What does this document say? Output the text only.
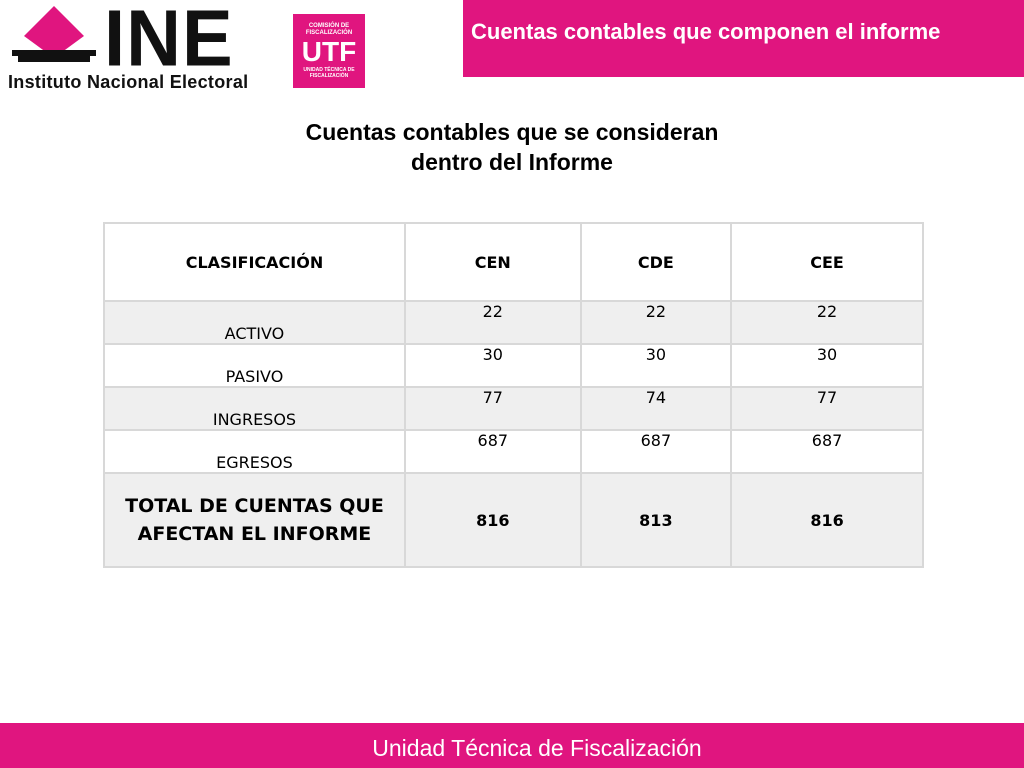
INE
Instituto Nacional Electoral
COMISIÓN DE FISCALIZACIÓN
UTF
UNIDAD TÉCNICA DE FISCALIZACIÓN
Cuentas contables que componen el informe
Cuentas contables que se consideran
dentro del Informe
CLASIFICACIÓN	CEN	CDE	CEE
ACTIVO	22	22	22
PASIVO	30	30	30
INGRESOS	77	74	77
EGRESOS	687	687	687

TOTAL DE CUENTAS QUE
AFECTAN EL INFORME	816	813	816
Unidad Técnica de Fiscalización
